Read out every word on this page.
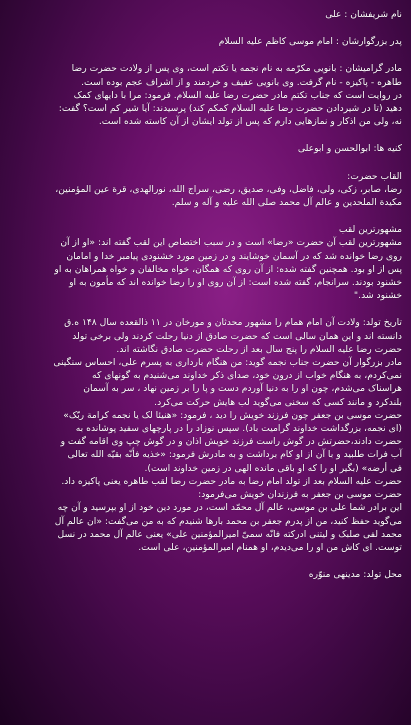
نام شریفشان : علی

پدر بزرگوارشان : امام موسی کاظم علیه السلام

مادر گرامیشان : بانویی مکرّمه به نام نجمه یا تکتم است، وی پس از ولادت حضرت رضا

طاهره - پاکیزه - نام گرفت. وی بانویی عفیف و خردمند و از اشراف عجم بوده است.

در روایت است که جناب تکتم مادر حضرت رضا علیه السلام. فرمود: مرا با دایهای کمک

دهید (تا در شیردادن حضرت رضا علیه السلام کمکم کند) پرسیدند: آیا شیر کم است؟ گفت:

نه، ولی من اذکار و نمازهایی دارم که پس از تولد ایشان از آن کاسته شده است.

کنیه ها: ابوالحسن و ابوعلی

القاب حضرت:

رضا، صابر، زکی، ولی، فاضل، وفی، صدیق، رضی، سراج الله، نورالهدی، قرة عین المؤمنین،

مکیدة الملحدین و عالم آل محمد صلی الله علیه و آله و سلم.

مشهورترین لقب

مشهورترین لقب آن حضرت «رضا» است و در سبب اختصاص این لقب گفته اند: «او از آن

روی رضا خوانده شد که در آسمان خوشایند و در زمین مورد خشنودی پیامبر خدا و امامان

پس از او بود. همچنین گفته شده: از آن روی که همگان، خواه مخالفان و خواه همراهان به او

خشنود بودند. سرانجام، گفته شده است: از آن روی او را رضا خوانده اند که مأمون به او

خشنود شد."

تاریخ تولد: ولادت آن امام همام را مشهور محدثان و مورخان در ۱۱ ذالقعده سال ۱۴۸ ه.ق

دانسته اند و این همان سالی است که حضرت صادق از دنیا رحلت کردند ولی برخی تولد

حضرت رضا علیه السلام را پنج سال بعد از رحلت حضرت صادق نگاشته اند.

مادر بزرگوار آن حضرت جناب نجمه گوید: من هنگام بارداری به پسرم علی، احساس سنگینی

نمی‌کردم، به هنگام خواب از درون خود، صدای ذکر خداوند می‌شنیدم به گونهای که

هراسناک می‌شدم، چون او را به دنیا آوردم دست و پا را بر زمین نهاد ، سر به آسمان

بلندکرد و مانند کسی که سخنی می‌گوید لب هایش حرکت می‌کرد.

حضرت موسی بن جعفر چون فرزند خویش را دید ، فرمود: «هنیئا لک یا نجمه کرامة ربّک»

(ای نجمه، بزرگداشت خداوند گرامیت باد). سپس نوزاد را در پارچهای سفید پوشانده به

حضرت دادند،حضرتش در گوش راست فرزند خویش اذان و در گوش چپ وی اقامه گفت و

آب فرات طلبید و با آن از او کام برداشت و به مادرش فرمود: «خذیه فأنّه بقیّه الله تعالی

فی أرضه» (بگیر او را که او باقی مانده الهی در زمین خداوند است).

حضرت علیه السلام بعد از تولد امام رضا به مادر حضرت رضا لقب طاهره یعنی پاکیزه داد.

حضرت موسی بن جعفر به فرزندان خویش می‌فرمود:

این برادر شما علی بن موسی، عالم آل محمّد است، در مورد دین خود از او بپرسید و آن چه

می‌گوید حفظ کنید، من از پدرم جعفر بن محمد بارها شنیدم که به من می‌گفت: «ان عالم آل

محمد لفی صلبک و لیتنی ادرکته فانّه سمیّ امیرالمؤمنین علی» یعنی عالم آل محمد در نسل

توست. ای کاش من او را می‌دیدم، او همنام امیرالمؤمنین، علی است.

محل تولد: مدینهی منوّره
